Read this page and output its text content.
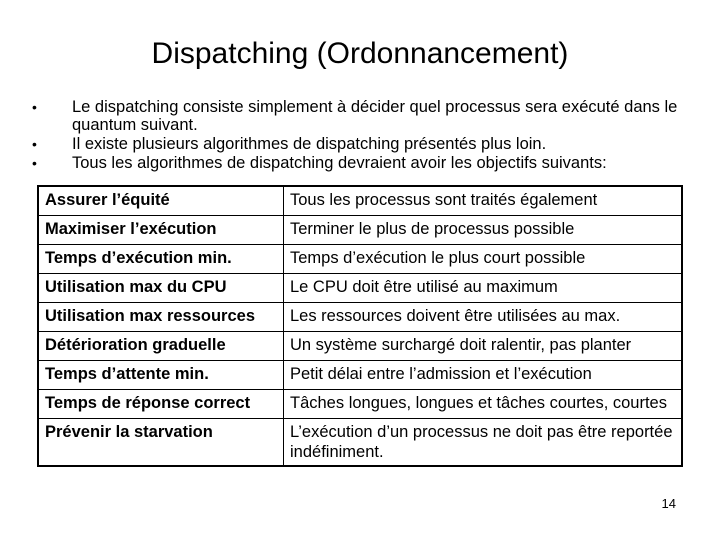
Dispatching (Ordonnancement)
• Le dispatching consiste simplement à décider quel processus sera exécuté dans le quantum suivant.
• Il existe plusieurs algorithmes de dispatching présentés plus loin.
• Tous les algorithmes de dispatching devraient avoir les objectifs suivants:
Assurer l’équité	Tous les processus sont traités également
Maximiser l’exécution	Terminer le plus de processus possible
Temps d’exécution min.	Temps d’exécution le plus court possible
Utilisation max du CPU	Le CPU doit être utilisé au maximum
Utilisation max ressources	Les ressources doivent être utilisées au max.
Détérioration graduelle	Un système surchargé doit ralentir, pas planter
Temps d’attente min.	Petit délai entre l’admission et l’exécution
Temps de réponse correct	Tâches longues, longues et tâches courtes, courtes
Prévenir la starvation	L’exécution d’un processus ne doit pas être reportée indéfiniment.
14
